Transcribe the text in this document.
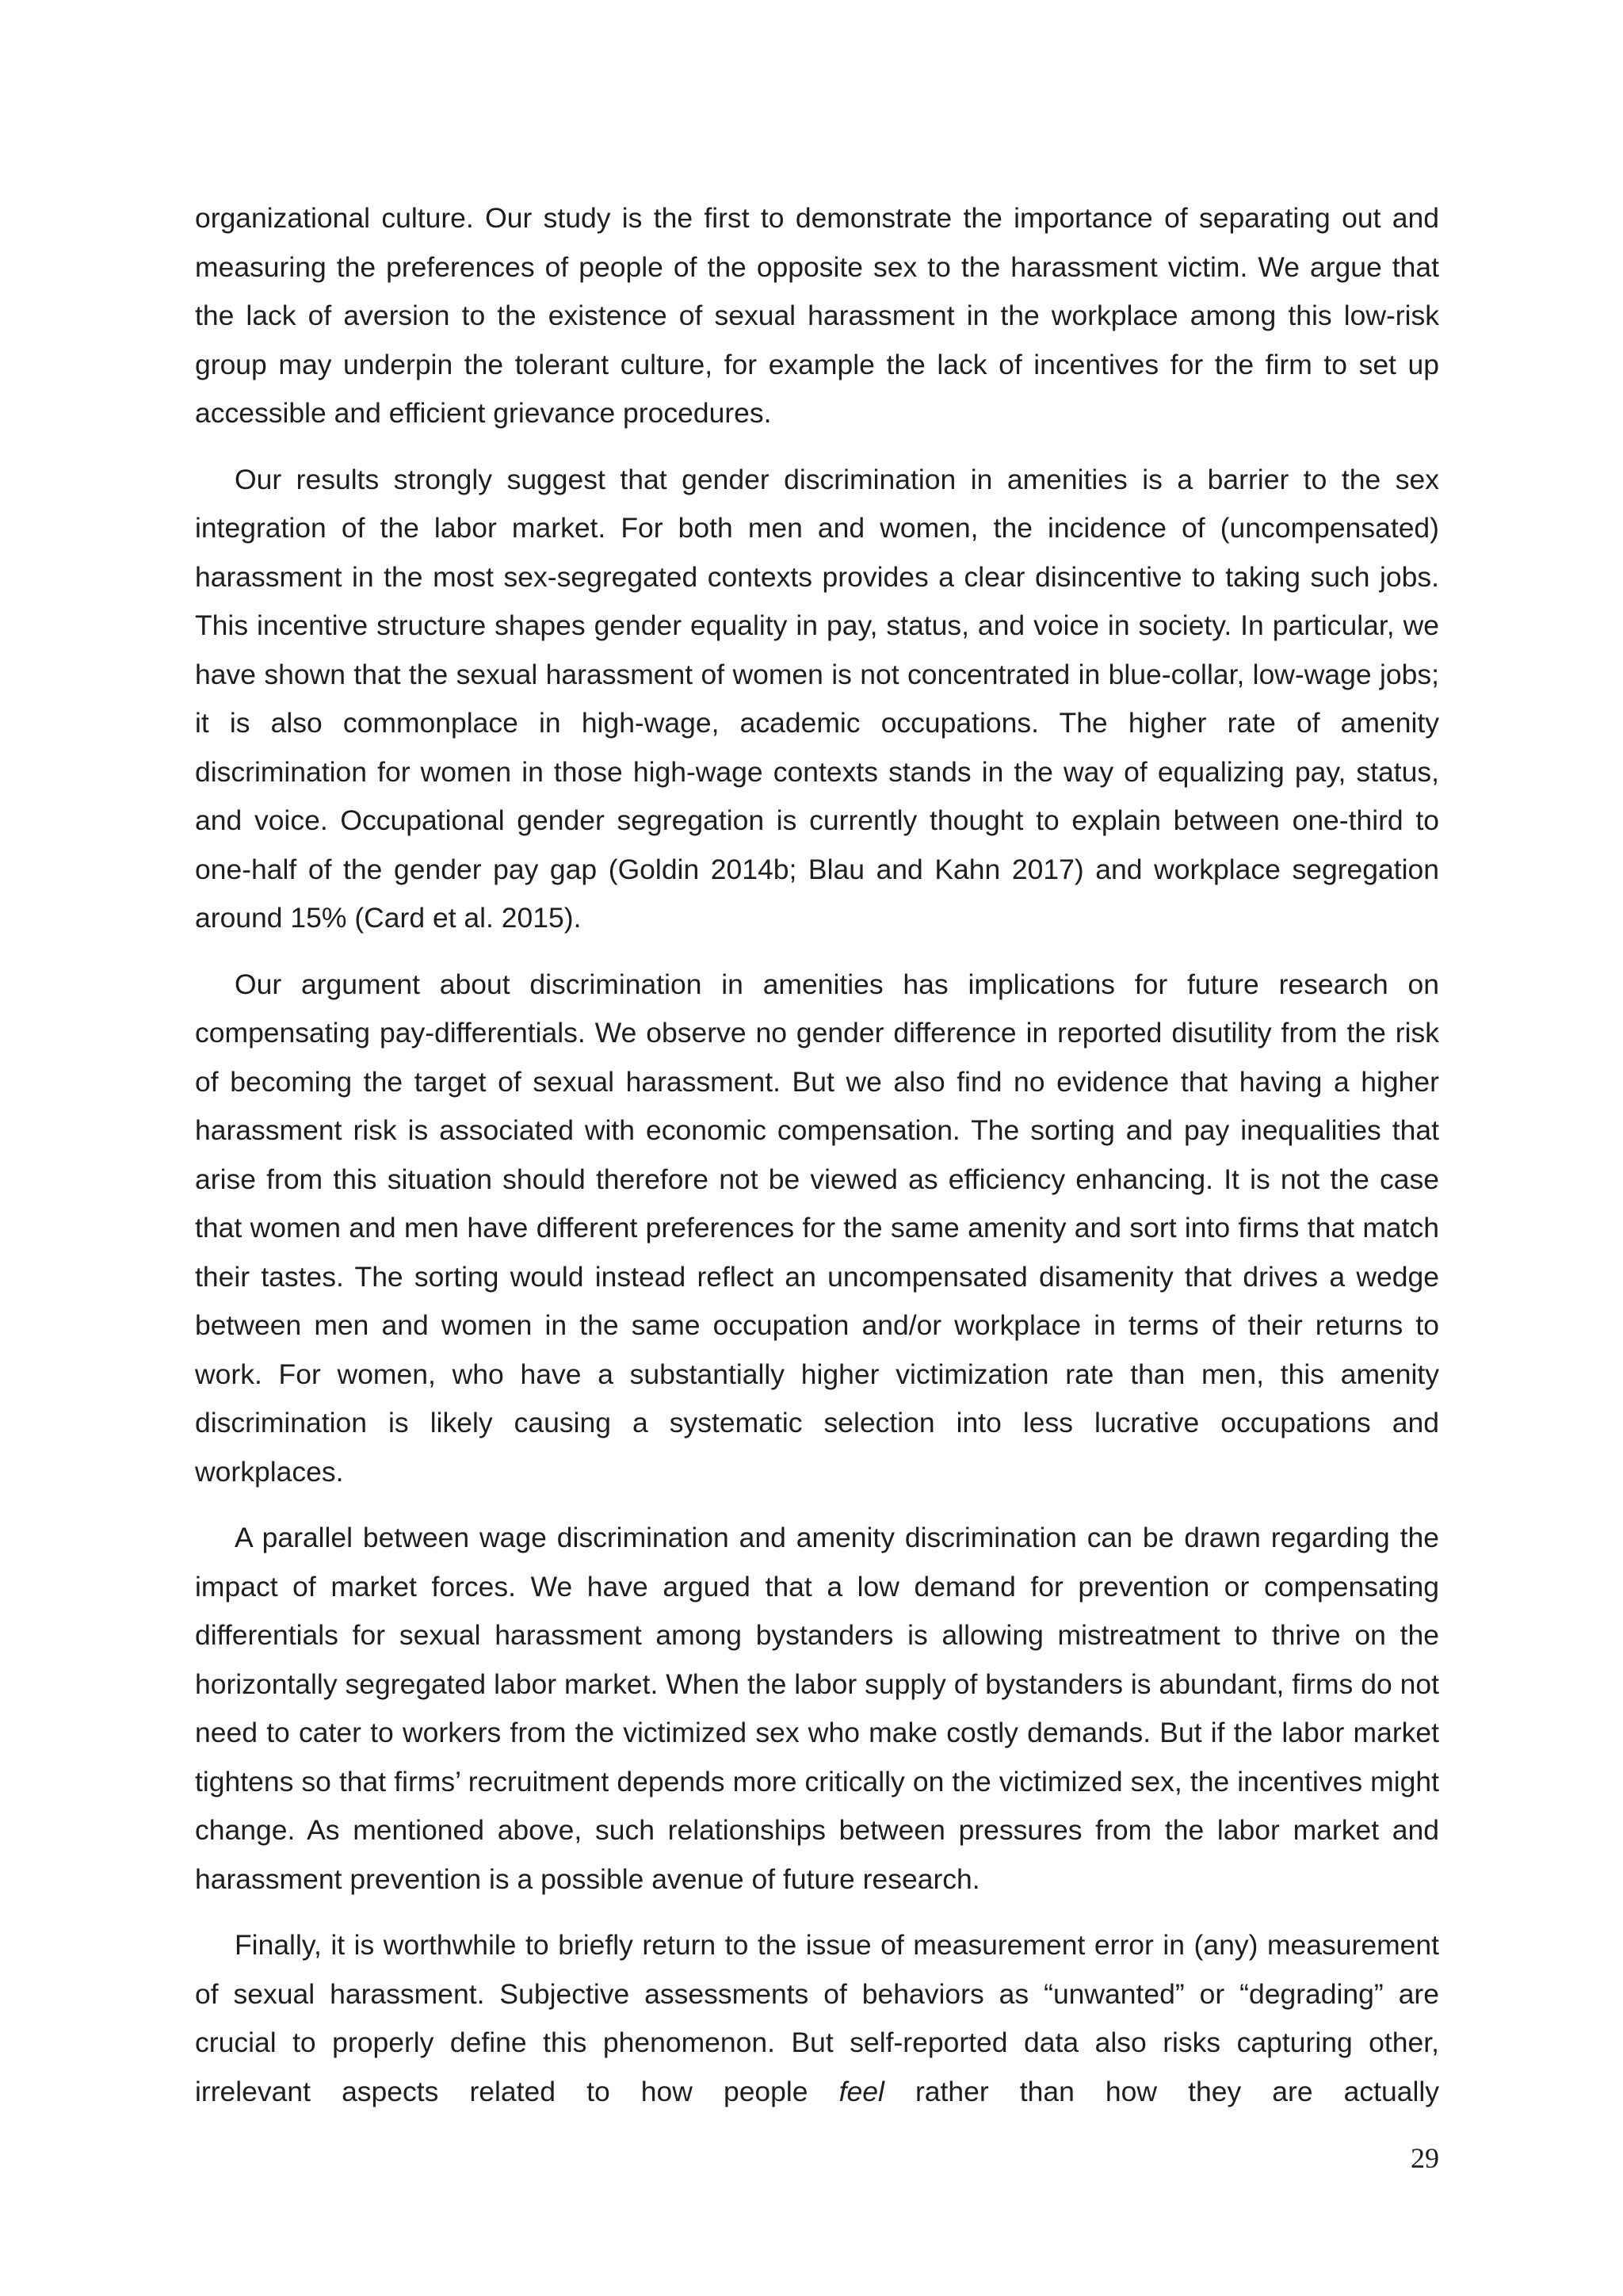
organizational culture. Our study is the first to demonstrate the importance of separating out and measuring the preferences of people of the opposite sex to the harassment victim. We argue that the lack of aversion to the existence of sexual harassment in the workplace among this low-risk group may underpin the tolerant culture, for example the lack of incentives for the firm to set up accessible and efficient grievance procedures.

Our results strongly suggest that gender discrimination in amenities is a barrier to the sex integration of the labor market. For both men and women, the incidence of (uncompensated) harassment in the most sex-segregated contexts provides a clear disincentive to taking such jobs. This incentive structure shapes gender equality in pay, status, and voice in society. In particular, we have shown that the sexual harassment of women is not concentrated in blue-collar, low-wage jobs; it is also commonplace in high-wage, academic occupations. The higher rate of amenity discrimination for women in those high-wage contexts stands in the way of equalizing pay, status, and voice. Occupational gender segregation is currently thought to explain between one-third to one-half of the gender pay gap (Goldin 2014b; Blau and Kahn 2017) and workplace segregation around 15% (Card et al. 2015).

Our argument about discrimination in amenities has implications for future research on compensating pay-differentials. We observe no gender difference in reported disutility from the risk of becoming the target of sexual harassment. But we also find no evidence that having a higher harassment risk is associated with economic compensation. The sorting and pay inequalities that arise from this situation should therefore not be viewed as efficiency enhancing. It is not the case that women and men have different preferences for the same amenity and sort into firms that match their tastes. The sorting would instead reflect an uncompensated disamenity that drives a wedge between men and women in the same occupation and/or workplace in terms of their returns to work. For women, who have a substantially higher victimization rate than men, this amenity discrimination is likely causing a systematic selection into less lucrative occupations and workplaces.

A parallel between wage discrimination and amenity discrimination can be drawn regarding the impact of market forces. We have argued that a low demand for prevention or compensating differentials for sexual harassment among bystanders is allowing mistreatment to thrive on the horizontally segregated labor market. When the labor supply of bystanders is abundant, firms do not need to cater to workers from the victimized sex who make costly demands. But if the labor market tightens so that firms’ recruitment depends more critically on the victimized sex, the incentives might change. As mentioned above, such relationships between pressures from the labor market and harassment prevention is a possible avenue of future research.

Finally, it is worthwhile to briefly return to the issue of measurement error in (any) measurement of sexual harassment. Subjective assessments of behaviors as “unwanted” or “degrading” are crucial to properly define this phenomenon. But self-reported data also risks capturing other, irrelevant aspects related to how people feel rather than how they are actually

29
